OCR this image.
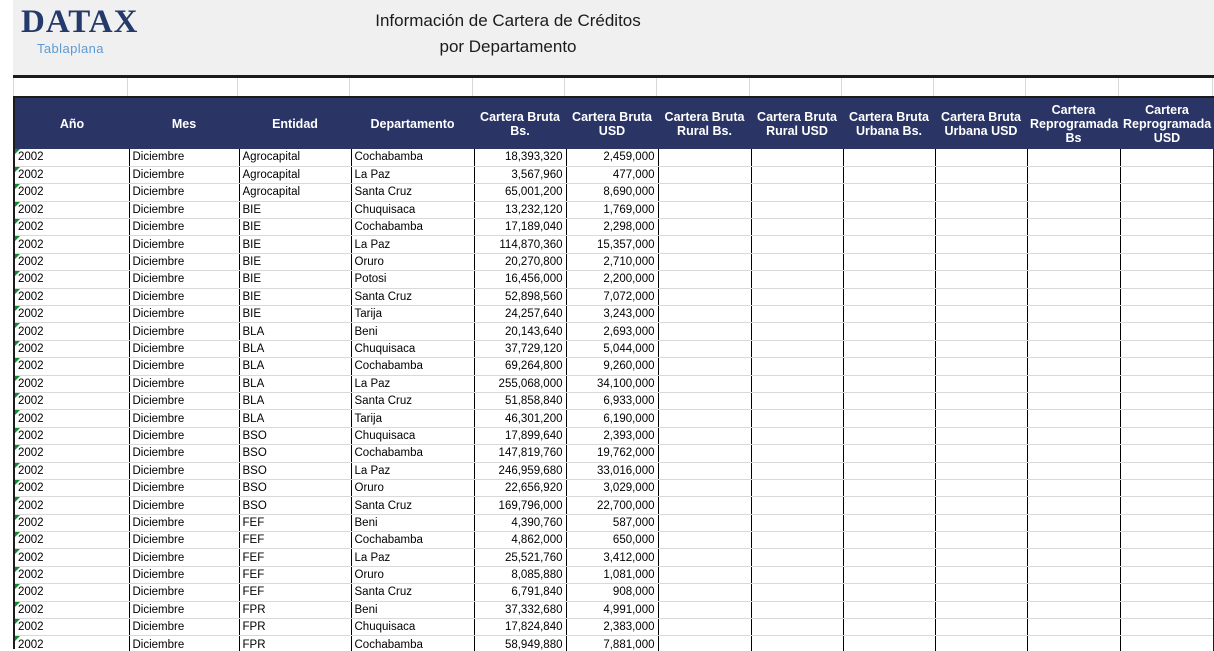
DATAX
Tablaplana
Información de Cartera de Créditos
por Departamento
Año	Mes	Entidad	Departamento	Cartera Bruta Bs.	Cartera Bruta USD	Cartera Bruta Rural Bs.	Cartera Bruta Rural USD	Cartera Bruta Urbana Bs.	Cartera Bruta Urbana USD	Cartera Reprogramada Bs	Cartera Reprogramada USD
2002	Diciembre	Agrocapital	Cochabamba	18,393,320	2,459,000						
2002	Diciembre	Agrocapital	La Paz	3,567,960	477,000						
2002	Diciembre	Agrocapital	Santa Cruz	65,001,200	8,690,000						
2002	Diciembre	BIE	Chuquisaca	13,232,120	1,769,000						
2002	Diciembre	BIE	Cochabamba	17,189,040	2,298,000						
2002	Diciembre	BIE	La Paz	114,870,360	15,357,000						
2002	Diciembre	BIE	Oruro	20,270,800	2,710,000						
2002	Diciembre	BIE	Potosi	16,456,000	2,200,000						
2002	Diciembre	BIE	Santa Cruz	52,898,560	7,072,000						
2002	Diciembre	BIE	Tarija	24,257,640	3,243,000						
2002	Diciembre	BLA	Beni	20,143,640	2,693,000						
2002	Diciembre	BLA	Chuquisaca	37,729,120	5,044,000						
2002	Diciembre	BLA	Cochabamba	69,264,800	9,260,000						
2002	Diciembre	BLA	La Paz	255,068,000	34,100,000						
2002	Diciembre	BLA	Santa Cruz	51,858,840	6,933,000						
2002	Diciembre	BLA	Tarija	46,301,200	6,190,000						
2002	Diciembre	BSO	Chuquisaca	17,899,640	2,393,000						
2002	Diciembre	BSO	Cochabamba	147,819,760	19,762,000						
2002	Diciembre	BSO	La Paz	246,959,680	33,016,000						
2002	Diciembre	BSO	Oruro	22,656,920	3,029,000						
2002	Diciembre	BSO	Santa Cruz	169,796,000	22,700,000						
2002	Diciembre	FEF	Beni	4,390,760	587,000						
2002	Diciembre	FEF	Cochabamba	4,862,000	650,000						
2002	Diciembre	FEF	La Paz	25,521,760	3,412,000						
2002	Diciembre	FEF	Oruro	8,085,880	1,081,000						
2002	Diciembre	FEF	Santa Cruz	6,791,840	908,000						
2002	Diciembre	FPR	Beni	37,332,680	4,991,000						
2002	Diciembre	FPR	Chuquisaca	17,824,840	2,383,000						
2002	Diciembre	FPR	Cochabamba	58,949,880	7,881,000						
